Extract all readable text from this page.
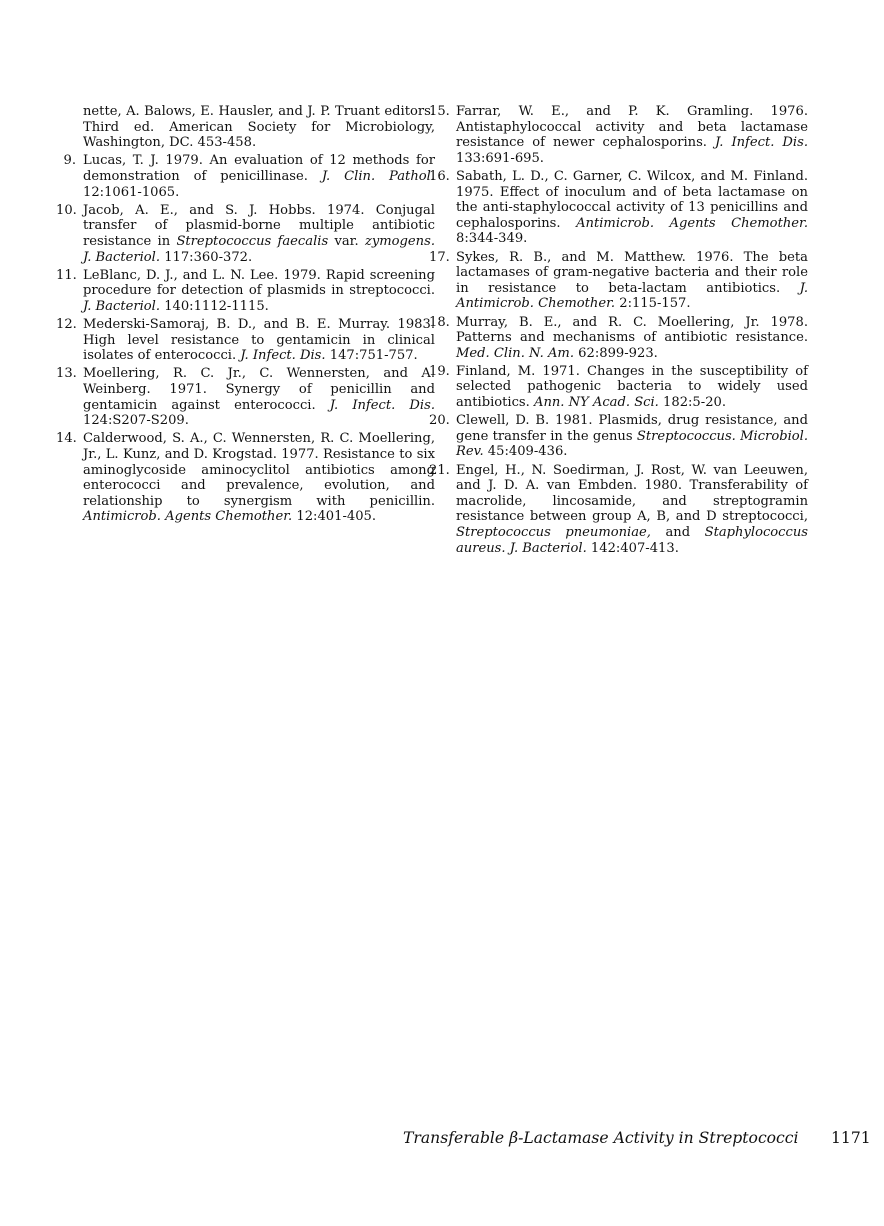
nette, A. Balows, E. Hausler, and J. P. Truant editors. Third ed. American Society for Microbiology, Washington, DC. 453-458.

9. Lucas, T. J. 1979. An evaluation of 12 methods for demonstration of penicillinase. J. Clin. Pathol. 12:1061-1065.

10. Jacob, A. E., and S. J. Hobbs. 1974. Conjugal transfer of plasmid-borne multiple antibiotic resistance in Streptococcus faecalis var. zymogens. J. Bacteriol. 117:360-372.

11. LeBlanc, D. J., and L. N. Lee. 1979. Rapid screening procedure for detection of plasmids in streptococci. J. Bacteriol. 140:1112-1115.

12. Mederski-Samoraj, B. D., and B. E. Murray. 1983. High level resistance to gentamicin in clinical isolates of enterococci. J. Infect. Dis. 147:751-757.

13. Moellering, R. C. Jr., C. Wennersten, and A. Weinberg. 1971. Synergy of penicillin and gentamicin against enterococci. J. Infect. Dis. 124:S207-S209.

14. Calderwood, S. A., C. Wennersten, R. C. Moellering, Jr., L. Kunz, and D. Krogstad. 1977. Resistance to six aminoglycoside aminocyclitol antibiotics among enterococci and prevalence, evolution, and relationship to synergism with penicillin. Antimicrob. Agents Chemother. 12:401-405.

15. Farrar, W. E., and P. K. Gramling. 1976. Antistaphylococcal activity and beta lactamase resistance of newer cephalosporins. J. Infect. Dis. 133:691-695.

16. Sabath, L. D., C. Garner, C. Wilcox, and M. Finland. 1975. Effect of inoculum and of beta lactamase on the anti-staphylococcal activity of 13 penicillins and cephalosporins. Antimicrob. Agents Chemother. 8:344-349.

17. Sykes, R. B., and M. Matthew. 1976. The beta lactamases of gram-negative bacteria and their role in resistance to beta-lactam antibiotics. J. Antimicrob. Chemother. 2:115-157.

18. Murray, B. E., and R. C. Moellering, Jr. 1978. Patterns and mechanisms of antibiotic resistance. Med. Clin. N. Am. 62:899-923.

19. Finland, M. 1971. Changes in the susceptibility of selected pathogenic bacteria to widely used antibiotics. Ann. NY Acad. Sci. 182:5-20.

20. Clewell, D. B. 1981. Plasmids, drug resistance, and gene transfer in the genus Streptococcus. Microbiol. Rev. 45:409-436.

21. Engel, H., N. Soedirman, J. Rost, W. van Leeuwen, and J. D. A. van Embden. 1980. Transferability of macrolide, lincosamide, and streptogramin resistance between group A, B, and D streptococci, Streptococcus pneumoniae, and Staphylococcus aureus. J. Bacteriol. 142:407-413.

Transferable β-Lactamase Activity in Streptococci 1171
